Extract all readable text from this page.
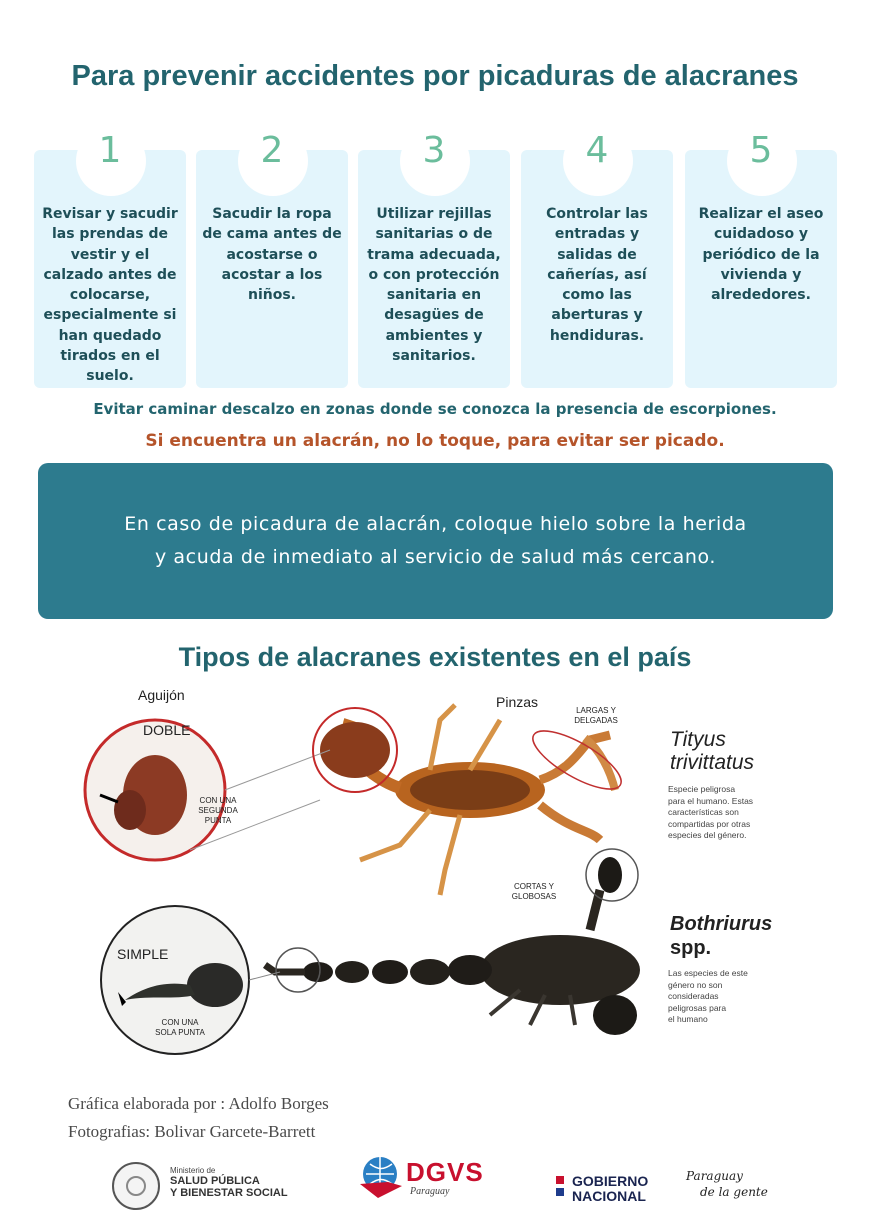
Para prevenir accidentes por picaduras de alacranes
Revisar y sacudir las prendas de vestir y el calzado antes de colocarse, especialmente si han quedado tirados en el suelo.
Sacudir la ropa de cama antes de acostarse o acostar a los niños.
Utilizar rejillas sanitarias o de trama adecuada, o con protección sanitaria en desagües de ambientes y sanitarios.
Controlar las entradas y salidas de cañerías, así como las aberturas y hendiduras.
Realizar el aseo cuidadoso y periódico de la vivienda y alrededores.
1	2	3	4	5
Evitar caminar descalzo en zonas donde se conozca la presencia de escorpiones.
Si encuentra un alacrán, no lo toque, para evitar ser picado.
En caso de picadura de alacrán, coloque hielo sobre la herida
y acuda de inmediato al servicio de salud más cercano.
Tipos de alacranes existentes en el país
Aguijón	Pinzas
DOBLE
CON UNA
SEGUNDA
PUNTA
LARGAS Y
DELGADAS
CORTAS Y
GLOBOSAS
SIMPLE
CON UNA
SOLA PUNTA
Tityus
trivittatus
Especie peligrosa
para el humano. Estas
características son
compartidas por otras
especies del género.
Bothriurus
spp.
Las especies de este
género no son
consideradas
peligrosas para
el humano
Gráfica elaborada por : Adolfo Borges
Fotografias: Bolivar Garcete-Barrett
Ministerio de
SALUD PÚBLICA
Y BIENESTAR SOCIAL
DGVS
Paraguay
GOBIERNO
NACIONAL
Paraguay
de la gente
